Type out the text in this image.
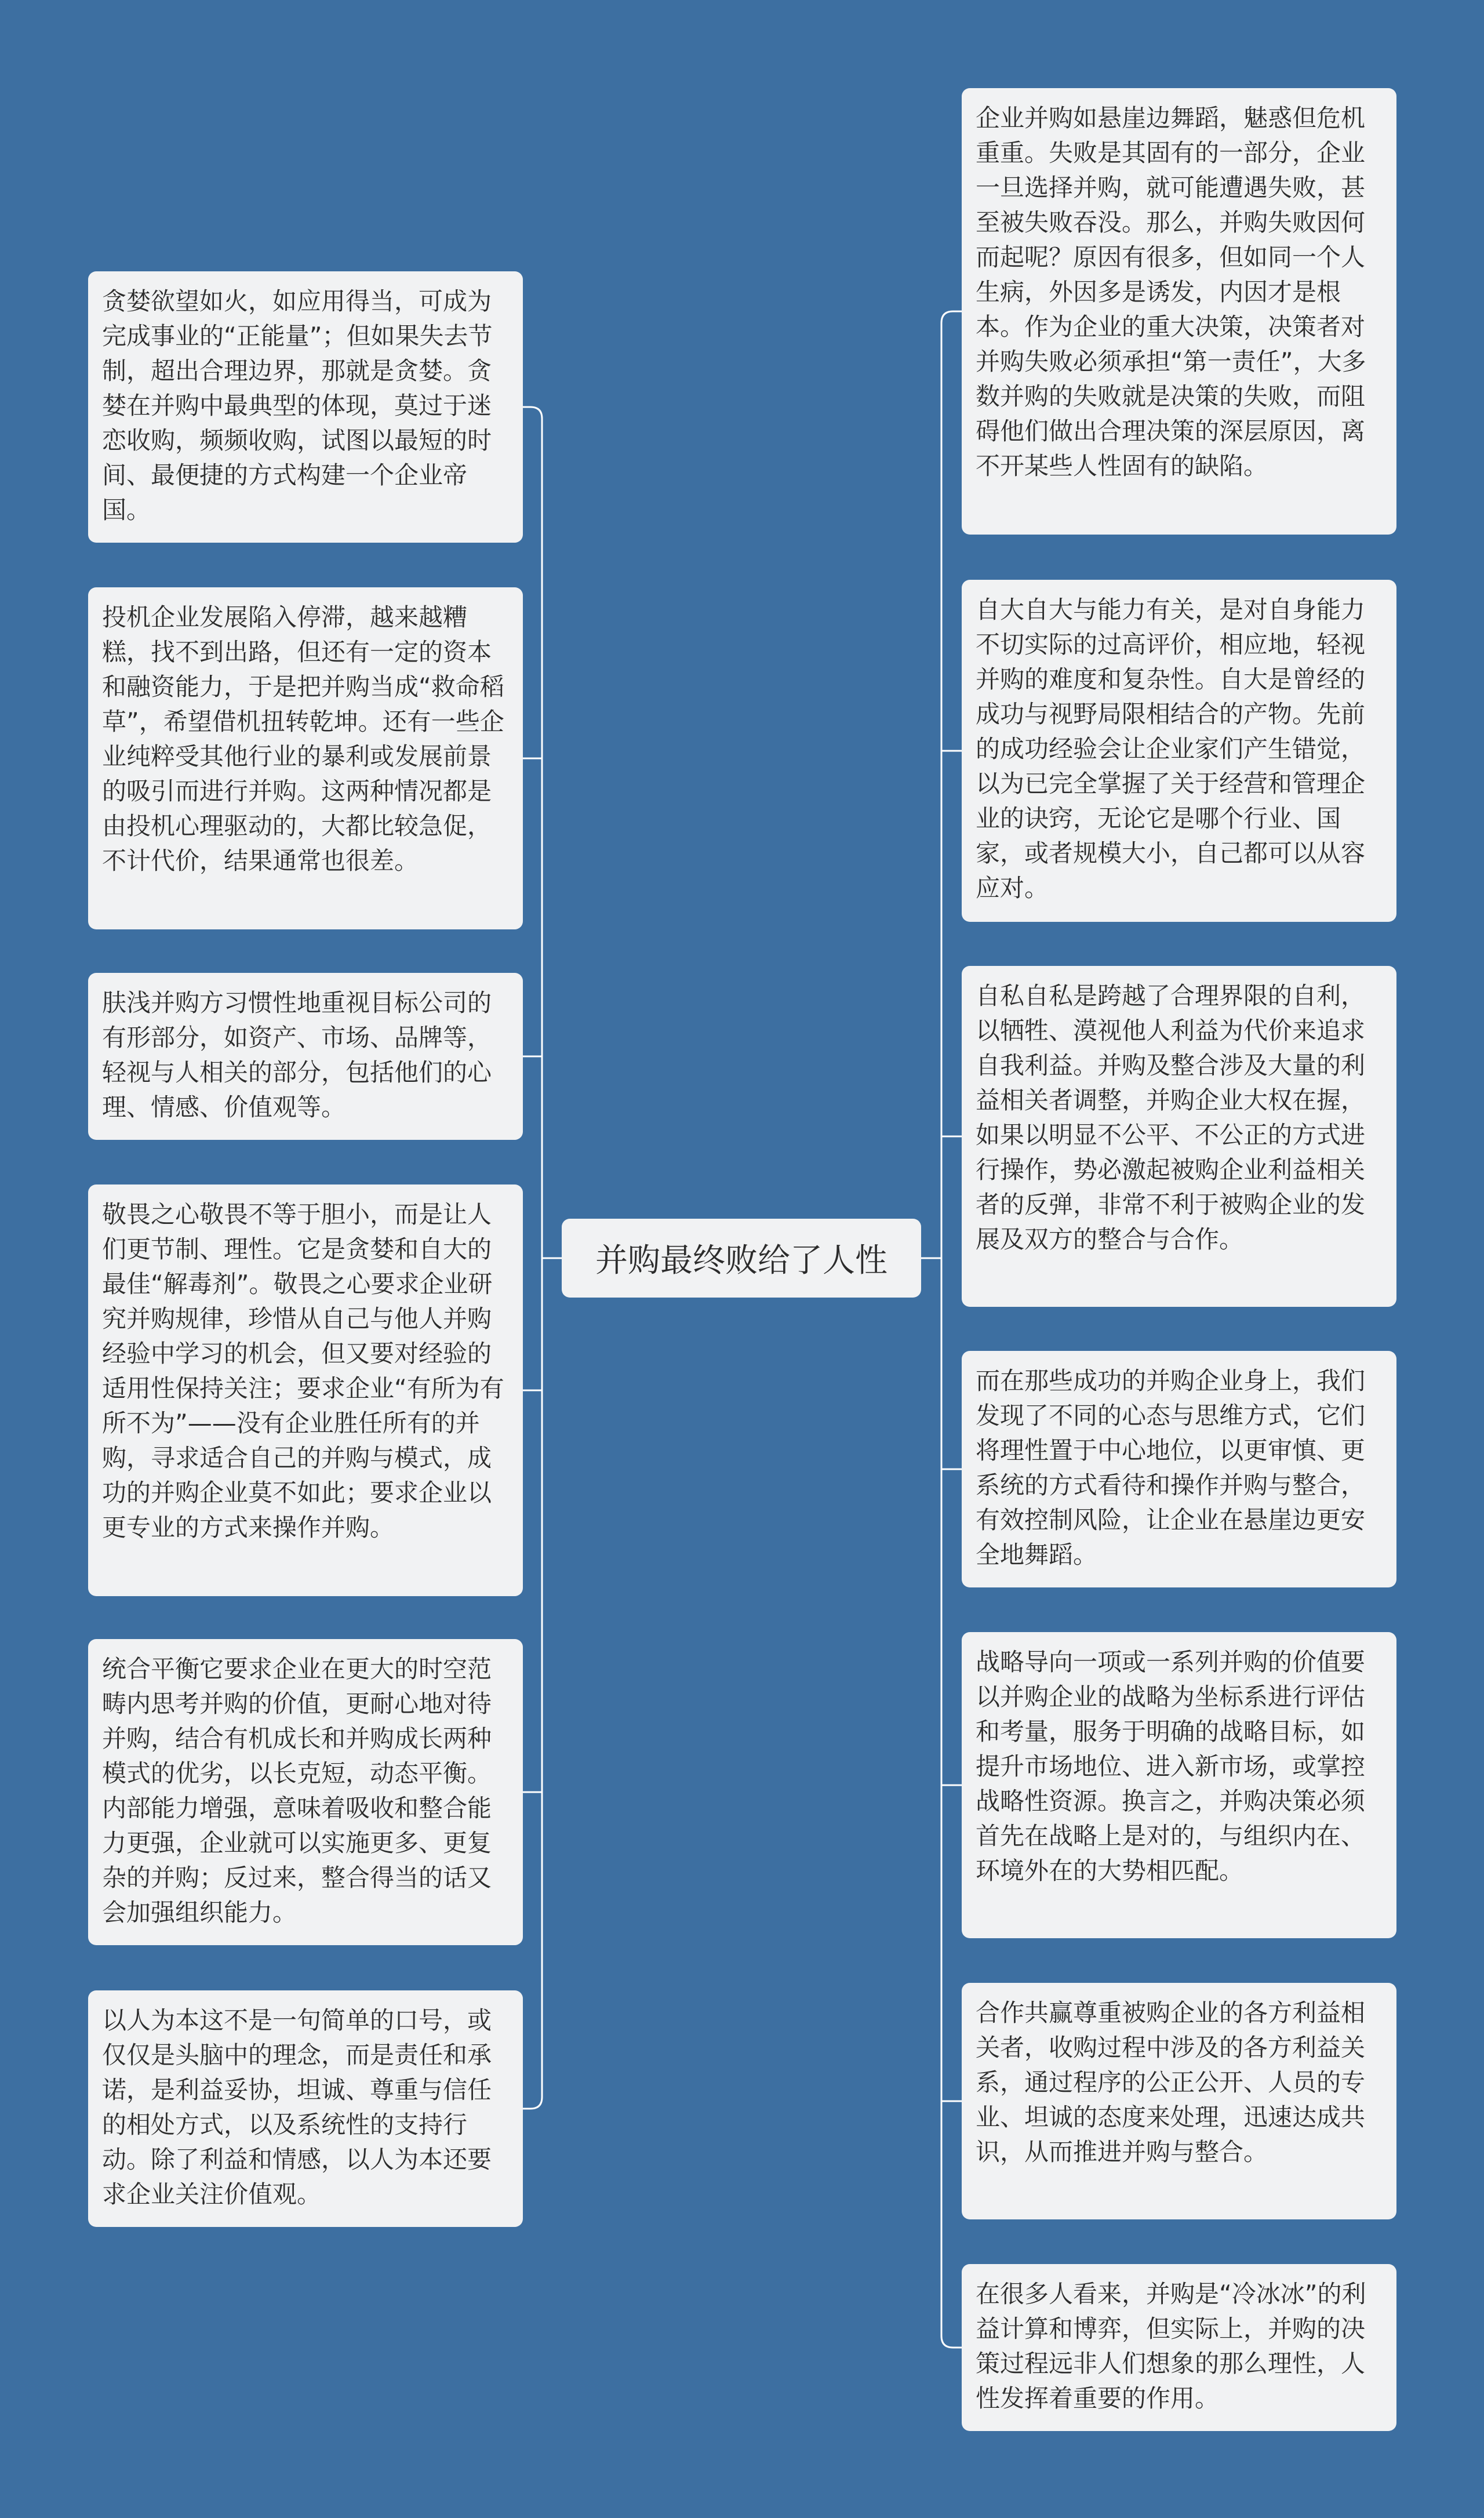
并购最终败给了人性
贪婪欲望如火，如应用得当，可成为完成事业的“正能量”；但如果失去节制，超出合理边界，那就是贪婪。贪婪在并购中最典型的体现，莫过于迷恋收购，频频收购，试图以最短的时间、最便捷的方式构建一个企业帝国。
投机企业发展陷入停滞，越来越糟糕，找不到出路，但还有一定的资本和融资能力，于是把并购当成“救命稻草”，希望借机扭转乾坤。还有一些企业纯粹受其他行业的暴利或发展前景的吸引而进行并购。这两种情况都是由投机心理驱动的，大都比较急促，不计代价，结果通常也很差。
肤浅并购方习惯性地重视目标公司的有形部分，如资产、市场、品牌等，轻视与人相关的部分，包括他们的心理、情感、价值观等。
敬畏之心敬畏不等于胆小，而是让人们更节制、理性。它是贪婪和自大的最佳“解毒剂”。敬畏之心要求企业研究并购规律，珍惜从自己与他人并购经验中学习的机会，但又要对经验的适用性保持关注；要求企业“有所为有所不为”——没有企业胜任所有的并购，寻求适合自己的并购与模式，成功的并购企业莫不如此；要求企业以更专业的方式来操作并购。
统合平衡它要求企业在更大的时空范畴内思考并购的价值，更耐心地对待并购，结合有机成长和并购成长两种模式的优劣，以长克短，动态平衡。内部能力增强，意味着吸收和整合能力更强，企业就可以实施更多、更复杂的并购；反过来，整合得当的话又会加强组织能力。
以人为本这不是一句简单的口号，或仅仅是头脑中的理念，而是责任和承诺，是利益妥协，坦诚、尊重与信任的相处方式，以及系统性的支持行动。除了利益和情感，以人为本还要求企业关注价值观。
企业并购如悬崖边舞蹈，魅惑但危机重重。失败是其固有的一部分，企业一旦选择并购，就可能遭遇失败，甚至被失败吞没。那么，并购失败因何而起呢？原因有很多，但如同一个人生病，外因多是诱发，内因才是根本。作为企业的重大决策，决策者对并购失败必须承担“第一责任”，大多数并购的失败就是决策的失败，而阻碍他们做出合理决策的深层原因，离不开某些人性固有的缺陷。
自大自大与能力有关，是对自身能力不切实际的过高评价，相应地，轻视并购的难度和复杂性。自大是曾经的成功与视野局限相结合的产物。先前的成功经验会让企业家们产生错觉，以为已完全掌握了关于经营和管理企业的诀窍，无论它是哪个行业、国家，或者规模大小，自己都可以从容应对。
自私自私是跨越了合理界限的自利，以牺牲、漠视他人利益为代价来追求自我利益。并购及整合涉及大量的利益相关者调整，并购企业大权在握，如果以明显不公平、不公正的方式进行操作，势必激起被购企业利益相关者的反弹，非常不利于被购企业的发展及双方的整合与合作。
而在那些成功的并购企业身上，我们发现了不同的心态与思维方式，它们将理性置于中心地位，以更审慎、更系统的方式看待和操作并购与整合，有效控制风险，让企业在悬崖边更安全地舞蹈。
战略导向一项或一系列并购的价值要以并购企业的战略为坐标系进行评估和考量，服务于明确的战略目标，如提升市场地位、进入新市场，或掌控战略性资源。换言之，并购决策必须首先在战略上是对的，与组织内在、环境外在的大势相匹配。
合作共赢尊重被购企业的各方利益相关者，收购过程中涉及的各方利益关系，通过程序的公正公开、人员的专业、坦诚的态度来处理，迅速达成共识，从而推进并购与整合。
在很多人看来，并购是“冷冰冰”的利益计算和博弈，但实际上，并购的决策过程远非人们想象的那么理性，人性发挥着重要的作用。
